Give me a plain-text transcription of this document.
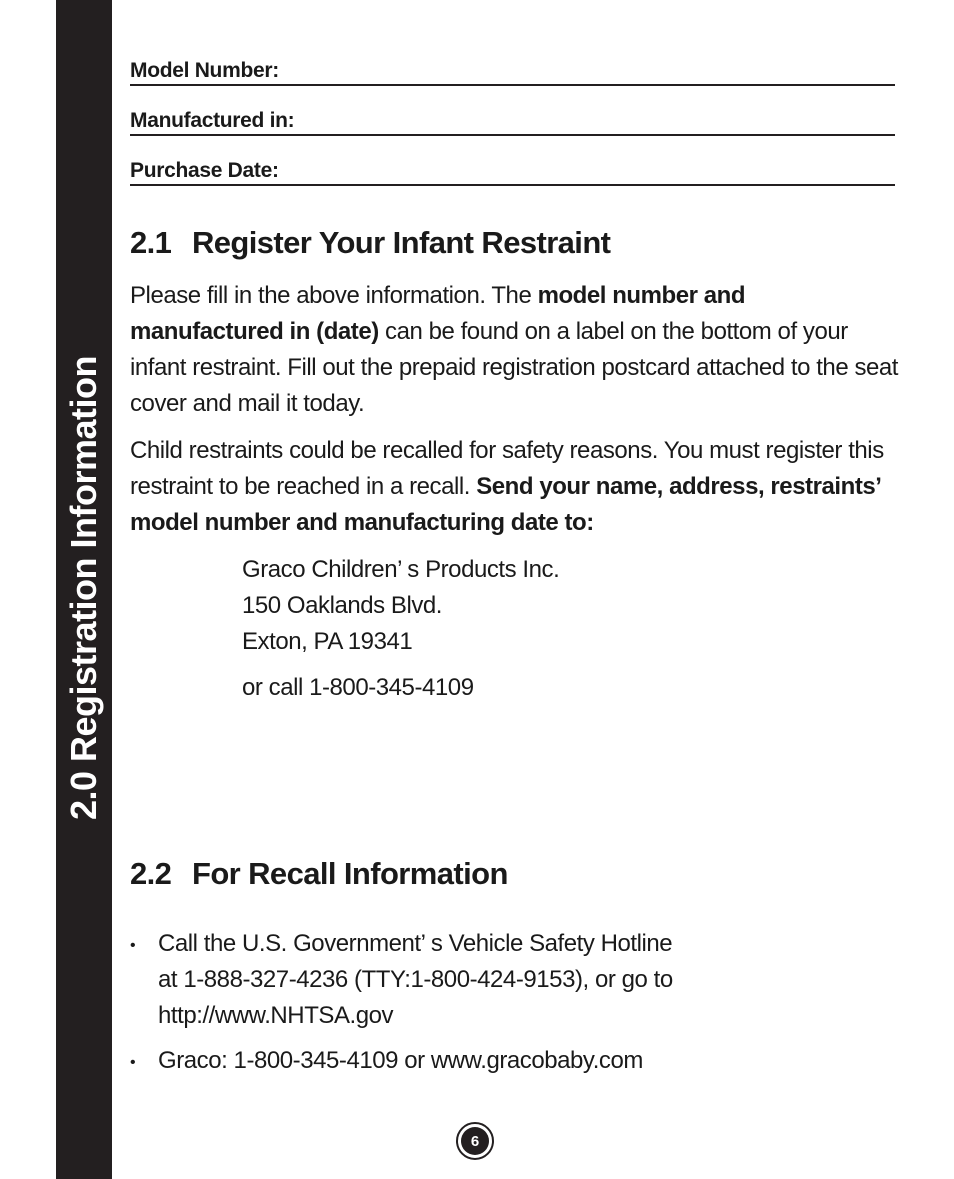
2.0 Registration Information
Model Number:
Manufactured in:
Purchase Date:
2.1 Register Your Infant Restraint
Please fill in the above information. The model number and manufactured in (date) can be found on a label on the bottom of your infant restraint. Fill out the prepaid registration postcard attached to the seat cover and mail it today.
Child restraints could be recalled for safety reasons. You must register this restraint to be reached in a recall. Send your name, address, restraints’ model number and manufacturing date to:
Graco Children’ s Products Inc.
150 Oaklands Blvd.
Exton, PA 19341
or call 1-800-345-4109
2.2 For Recall Information
• Call the U.S. Government’ s Vehicle Safety Hotline
at 1-888-327-4236 (TTY:1-800-424-9153), or go to
http://www.NHTSA.gov
• Graco: 1-800-345-4109 or www.gracobaby.com
6
